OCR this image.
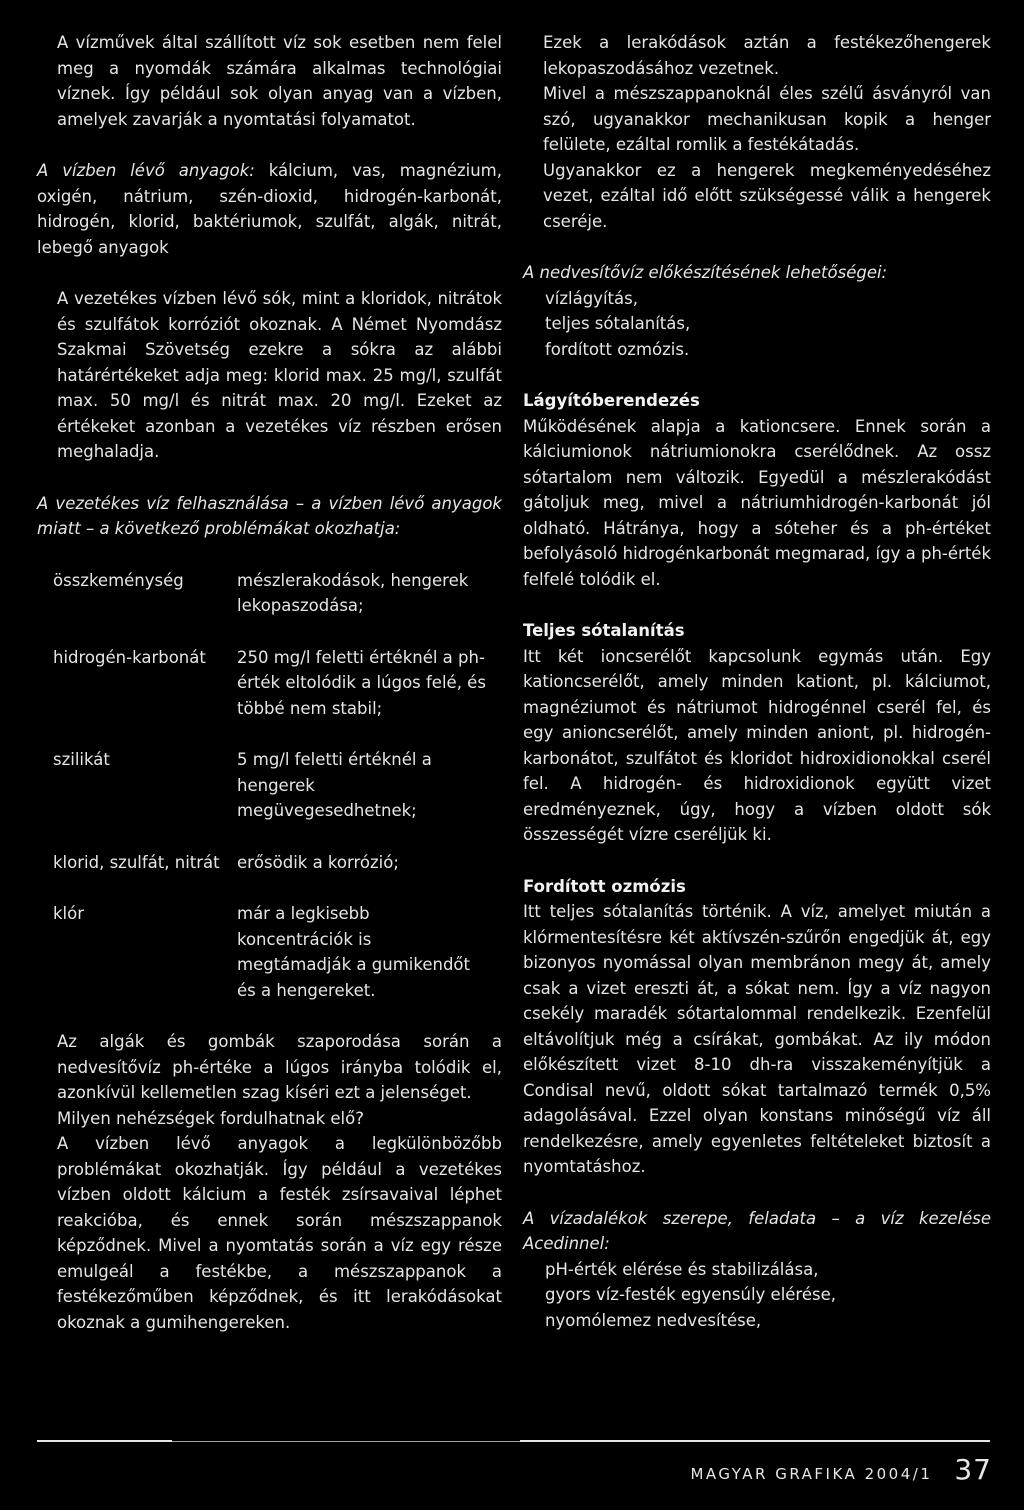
A vízművek által szállított víz sok esetben nem felel meg a nyomdák számára alkalmas technológiai víznek. Így például sok olyan anyag van a vízben, amelyek zavarják a nyomtatási folyamatot.

A vízben lévő anyagok: kálcium, vas, magnézium, oxigén, nátrium, szén-dioxid, hidrogén-karbonát, hidrogén, klorid, baktériumok, szulfát, algák, nitrát, lebegő anyagok

A vezetékes vízben lévő sók, mint a kloridok, nitrátok és szulfátok korróziót okoznak. A Német Nyomdász Szakmai Szövetség ezekre a sókra az alábbi határértékeket adja meg: klorid max. 25 mg/l, szulfát max. 50 mg/l és nitrát max. 20 mg/l. Ezeket az értékeket azonban a vezetékes víz részben erősen meghaladja.

A vezetékes víz felhasználása – a vízben lévő anyagok miatt – a következő problémákat okozhatja:

összkeménység	mészlerakodások, hengerek lekopaszodása;
hidrogén-karbonát	250 mg/l feletti értéknél a ph-érték eltolódik a lúgos felé, és többé nem stabil;
szilikát	5 mg/l feletti értéknél a hengerek megüvegesedhetnek;
klorid, szulfát, nitrát	erősödik a korrózió;
klór	már a legkisebb koncentrációk is megtámadják a gumikendőt és a hengereket.

Az algák és gombák szaporodása során a nedvesítővíz ph-értéke a lúgos irányba tolódik el, azonkívül kellemetlen szag kíséri ezt a jelenséget.

Milyen nehézségek fordulhatnak elő?

A vízben lévő anyagok a legkülönbözőbb problémákat okozhatják. Így például a vezetékes vízben oldott kálcium a festék zsírsavaival léphet reakcióba, és ennek során mészszappanok képződnek. Mivel a nyomtatás során a víz egy része emulgeál a festékbe, a mészszappanok a festékezőműben képződnek, és itt lerakódásokat okoznak a gumihengereken.

Ezek a lerakódások aztán a festékezőhengerek lekopaszodásához vezetnek.

Mivel a mészszappanoknál éles szélű ásványról van szó, ugyanakkor mechanikusan kopik a henger felülete, ezáltal romlik a festékátadás.

Ugyanakkor ez a hengerek megkeményedéséhez vezet, ezáltal idő előtt szükségessé válik a hengerek cseréje.

A nedvesítővíz előkészítésének lehetőségei:

vízlágyítás,
teljes sótalanítás,
fordított ozmózis.

Lágyítóberendezés

Működésének alapja a kationcsere. Ennek során a kálciumionok nátriumionokra cserélődnek. Az ossz sótartalom nem változik. Egyedül a mészlerakódást gátoljuk meg, mivel a nátriumhidrogén-karbonát jól oldható. Hátránya, hogy a sóteher és a ph-értéket befolyásoló hidrogénkarbonát megmarad, így a ph-érték felfelé tolódik el.

Teljes sótalanítás

Itt két ioncserélőt kapcsolunk egymás után. Egy kationcserélőt, amely minden kationt, pl. kálciumot, magnéziumot és nátriumot hidrogénnel cserél fel, és egy anioncserélőt, amely minden aniont, pl. hidrogén-karbonátot, szulfátot és kloridot hidroxidionokkal cserél fel. A hidrogén- és hidroxidionok együtt vizet eredményeznek, úgy, hogy a vízben oldott sók összességét vízre cseréljük ki.

Fordított ozmózis

Itt teljes sótalanítás történik. A víz, amelyet miután a klórmentesítésre két aktívszén-szűrőn engedjük át, egy bizonyos nyomással olyan membránon megy át, amely csak a vizet ereszti át, a sókat nem. Így a víz nagyon csekély maradék sótartalommal rendelkezik. Ezenfelül eltávolítjuk még a csírákat, gombákat. Az ily módon előkészített vizet 8-10 dh-ra visszakeményítjük a Condisal nevű, oldott sókat tartalmazó termék 0,5% adagolásával. Ezzel olyan konstans minőségű víz áll rendelkezésre, amely egyenletes feltételeket biztosít a nyomtatáshoz.

A vízadalékok szerepe, feladata – a víz kezelése Acedinnel:

pH-érték elérése és stabilizálása,
gyors víz-festék egyensúly elérése,
nyomólemez nedvesítése,
MAGYAR GRAFIKA 2004/1 37
